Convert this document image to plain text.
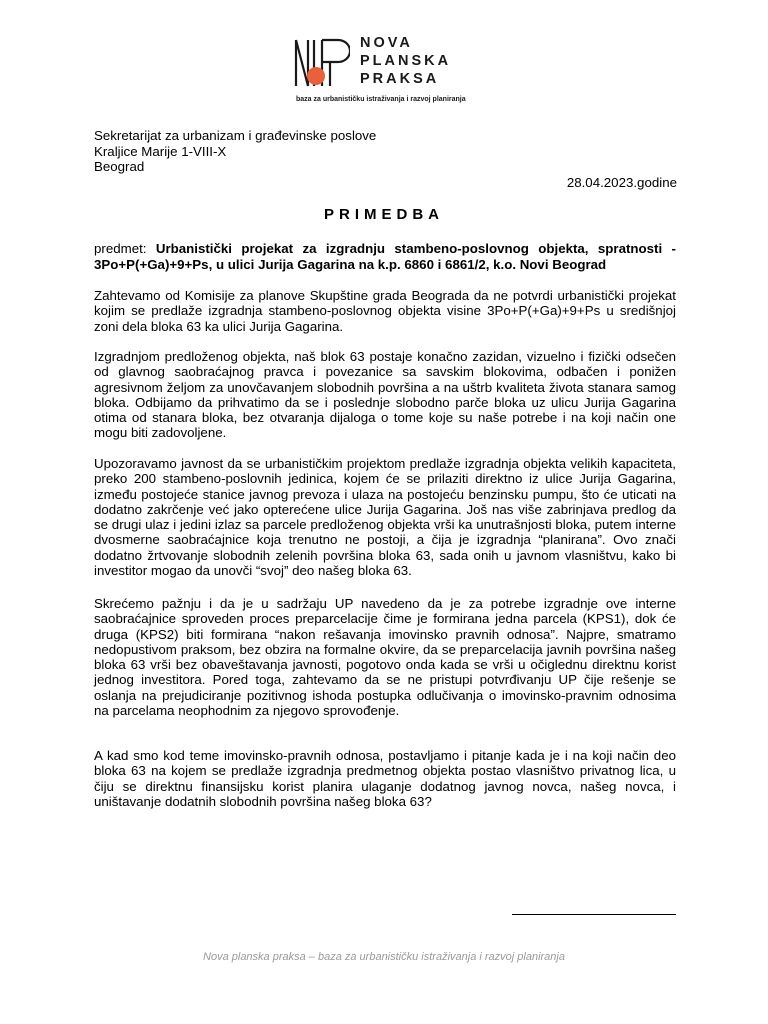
NOVA
PLANSKA
PRAKSA
baza za urbanističku istraživanja i razvoj planiranja
Sekretarijat za urbanizam i građevinske poslove
Kraljice Marije 1-VIII-X
Beograd
28.04.2023.godine
PRIMEDBA
predmet: Urbanistički projekat za izgradnju stambeno-poslovnog objekta, spratnosti - 3Po+P(+Ga)+9+Ps, u ulici Jurija Gagarina na k.p. 6860 i 6861/2, k.o. Novi Beograd
Zahtevamo od Komisije za planove Skupštine grada Beograda da ne potvrdi urbanistički projekat kojim se predlaže izgradnja stambeno-poslovnog objekta visine 3Po+P(+Ga)+9+Ps u središnjoj zoni dela bloka 63 ka ulici Jurija Gagarina.
Izgradnjom predloženog objekta, naš blok 63 postaje konačno zazidan, vizuelno i fizički odsečen od glavnog saobraćajnog pravca i povezanice sa savskim blokovima, odbačen i ponižen agresivnom željom za unovčavanjem slobodnih površina a na uštrb kvaliteta života stanara samog bloka. Odbijamo da prihvatimo da se i poslednje slobodno parče bloka uz ulicu Jurija Gagarina otima od stanara bloka, bez otvaranja dijaloga o tome koje su naše potrebe i na koji način one mogu biti zadovoljene.
Upozoravamo javnost da se urbanističkim projektom predlaže izgradnja objekta velikih kapaciteta, preko 200 stambeno-poslovnih jedinica, kojem će se prilaziti direktno iz ulice Jurija Gagarina, između postojeće stanice javnog prevoza i ulaza na postojeću benzinsku pumpu, što će uticati na dodatno zakrčenje već jako opterećene ulice Jurija Gagarina. Još nas više zabrinjava predlog da se drugi ulaz i jedini izlaz sa parcele predloženog objekta vrši ka unutrašnjosti bloka, putem interne dvosmerne saobraćajnice koja trenutno ne postoji, a čija je izgradnja “planirana”. Ovo znači dodatno žrtvovanje slobodnih zelenih površina bloka 63, sada onih u javnom vlasništvu, kako bi investitor mogao da unovči “svoj” deo našeg bloka 63.
Skrećemo pažnju i da je u sadržaju UP navedeno da je za potrebe izgradnje ove interne saobraćajnice sproveden proces preparcelacije čime je formirana jedna parcela (KPS1), dok će druga (KPS2) biti formirana “nakon rešavanja imovinsko pravnih odnosa”. Najpre, smatramo nedopustivom praksom, bez obzira na formalne okvire, da se preparcelacija javnih površina našeg bloka 63 vrši bez obaveštavanja javnosti, pogotovo onda kada se vrši u očiglednu direktnu korist jednog investitora. Pored toga, zahtevamo da se ne pristupi potvrđivanju UP čije rešenje se oslanja na prejudiciranje pozitivnog ishoda postupka odlučivanja o imovinsko-pravnim odnosima na parcelama neophodnim za njegovo sprovođenje.
A kad smo kod teme imovinsko-pravnih odnosa, postavljamo i pitanje kada je i na koji način deo bloka 63 na kojem se predlaže izgradnja predmetnog objekta postao vlasništvo privatnog lica, u čiju se direktnu finansijsku korist planira ulaganje dodatnog javnog novca, našeg novca, i uništavanje dodatnih slobodnih površina našeg bloka 63?
Nova planska praksa – baza za urbanističku istraživanja i razvoj planiranja
